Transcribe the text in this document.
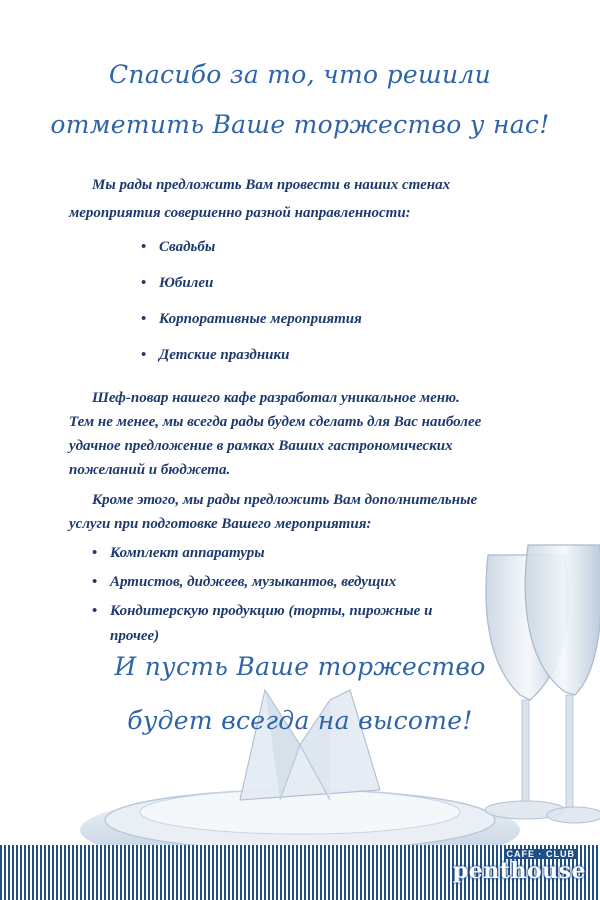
Спасибо за то, что решили
отметить Ваше торжество у нас!
Мы рады предложить Вам провести в наших стенах
мероприятия совершенно разной направленности:
• Свадьбы
• Юбилеи
• Корпоративные мероприятия
• Детские праздники
Шеф-повар нашего кафе разработал уникальное меню.
Тем не менее, мы всегда рады будем сделать для Вас наиболее
удачное предложение в рамках Ваших гастрономических
пожеланий и бюджета.
Кроме этого, мы рады предложить Вам дополнительные
услуги при подготовке Вашего мероприятия:
• Комплект аппаратуры
• Артистов, диджеев, музыкантов, ведущих
• Кондитерскую продукцию (торты, пирожные и
прочее)
И пусть Ваше торжество
будет всегда на высоте!
CAFE · CLUB
penthouse
